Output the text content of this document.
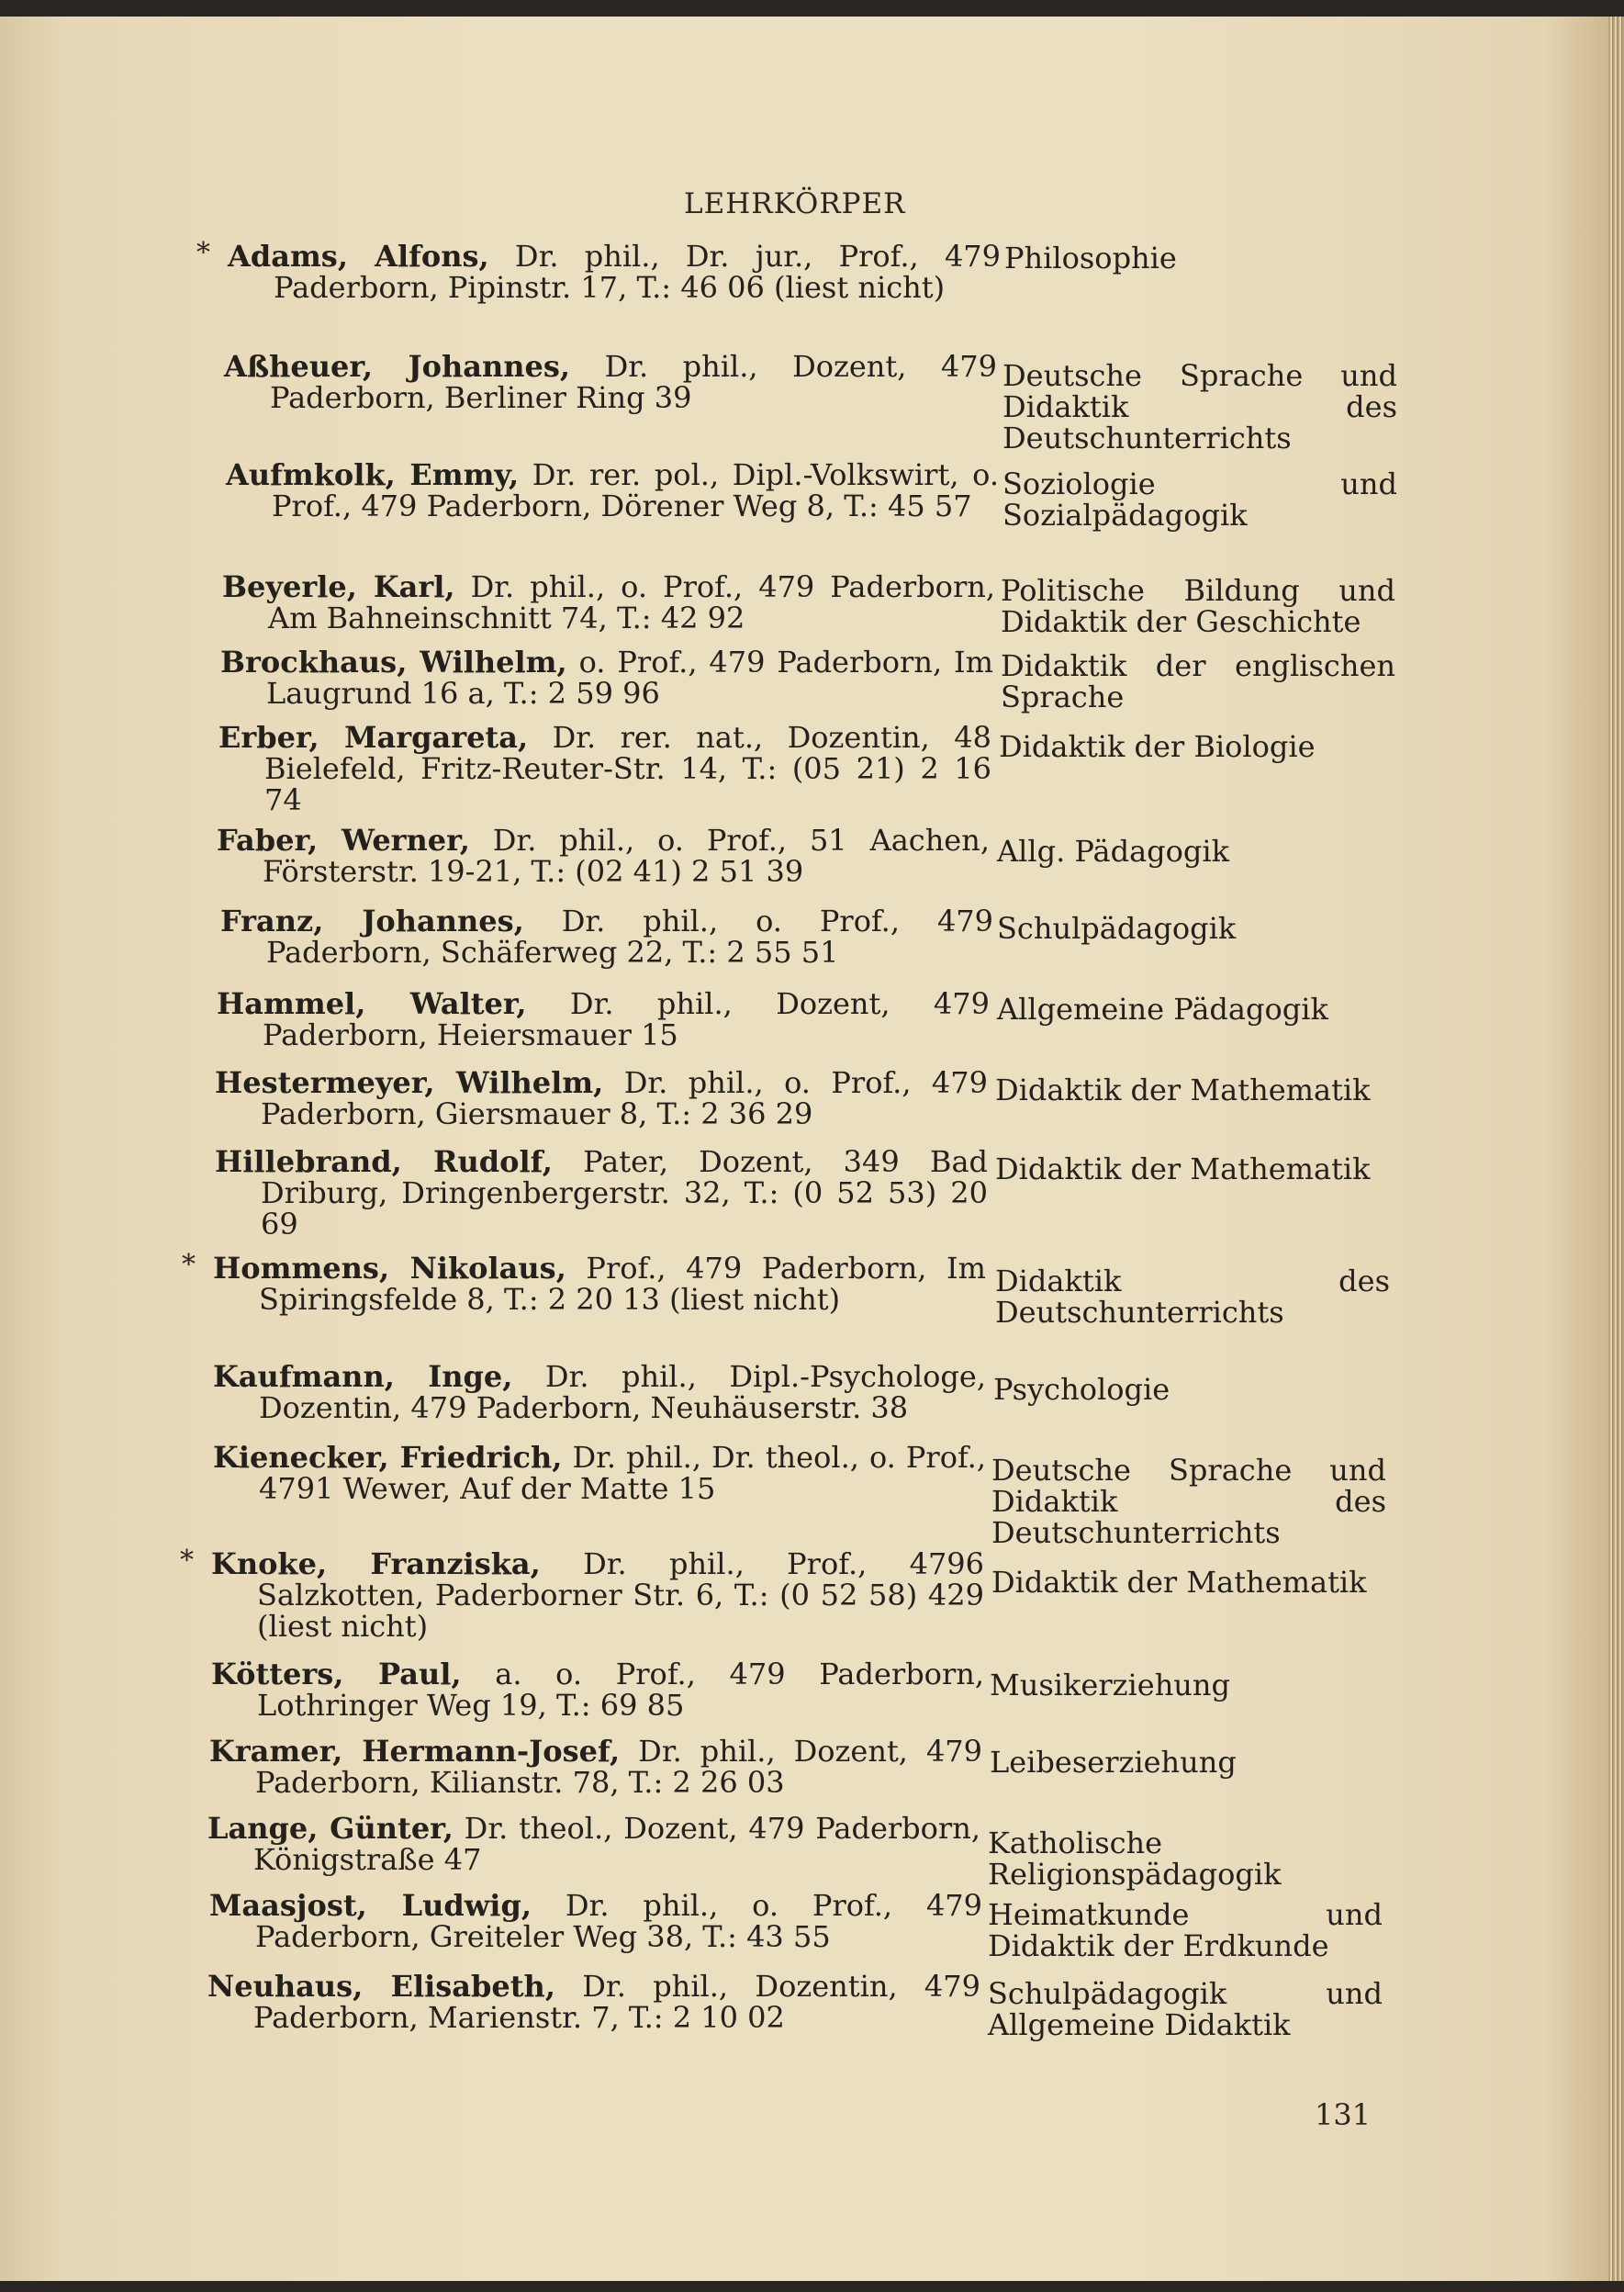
LEHRKÖRPER
* Adams, Alfons, Dr. phil., Dr. jur., Prof., 479 Paderborn, Pipinstr. 17, T.: 46 06 (liest nicht)
Philosophie
Aßheuer, Johannes, Dr. phil., Dozent, 479 Paderborn, Berliner Ring 39
Deutsche Sprache und Didaktik des Deutschunterrichts
Aufmkolk, Emmy, Dr. rer. pol., Dipl.-Volkswirt, o. Prof., 479 Paderborn, Dörener Weg 8, T.: 45 57
Soziologie und Sozialpädagogik
Beyerle, Karl, Dr. phil., o. Prof., 479 Paderborn, Am Bahneinschnitt 74, T.: 42 92
Politische Bildung und Didaktik der Geschichte
Brockhaus, Wilhelm, o. Prof., 479 Paderborn, Im Laugrund 16 a, T.: 2 59 96
Didaktik der englischen Sprache
Erber, Margareta, Dr. rer. nat., Dozentin, 48 Bielefeld, Fritz-Reuter-Str. 14, T.: (05 21) 2 16 74
Didaktik der Biologie
Faber, Werner, Dr. phil., o. Prof., 51 Aachen, Försterstr. 19-21, T.: (02 41) 2 51 39
Allg. Pädagogik
Franz, Johannes, Dr. phil., o. Prof., 479 Paderborn, Schäferweg 22, T.: 2 55 51
Schulpädagogik
Hammel, Walter, Dr. phil., Dozent, 479 Paderborn, Heiersmauer 15
Allgemeine Pädagogik
Hestermeyer, Wilhelm, Dr. phil., o. Prof., 479 Paderborn, Giersmauer 8, T.: 2 36 29
Didaktik der Mathematik
Hillebrand, Rudolf, Pater, Dozent, 349 Bad Driburg, Dringenbergerstr. 32, T.: (0 52 53) 20 69
Didaktik der Mathematik
* Hommens, Nikolaus, Prof., 479 Paderborn, Im Spiringsfelde 8, T.: 2 20 13 (liest nicht)
Didaktik des Deutschunterrichts
Kaufmann, Inge, Dr. phil., Dipl.-Psychologe, Dozentin, 479 Paderborn, Neuhäuserstr. 38
Psychologie
Kienecker, Friedrich, Dr. phil., Dr. theol., o. Prof., 4791 Wewer, Auf der Matte 15
Deutsche Sprache und Didaktik des Deutschunterrichts
* Knoke, Franziska, Dr. phil., Prof., 4796 Salzkotten, Paderborner Str. 6, T.: (0 52 58) 429 (liest nicht)
Didaktik der Mathematik
Kötters, Paul, a. o. Prof., 479 Paderborn, Lothringer Weg 19, T.: 69 85
Musikerziehung
Kramer, Hermann-Josef, Dr. phil., Dozent, 479 Paderborn, Kilianstr. 78, T.: 2 26 03
Leibeserziehung
Lange, Günter, Dr. theol., Dozent, 479 Paderborn, Königstraße 47	Katholische Religionspädagogik
Maasjost, Ludwig, Dr. phil., o. Prof., 479 Paderborn, Greiteler Weg 38, T.: 43 55
Heimatkunde und Didaktik der Erdkunde
Neuhaus, Elisabeth, Dr. phil., Dozentin, 479 Paderborn, Marienstr. 7, T.: 2 10 02
Schulpädagogik und Allgemeine Didaktik
131
